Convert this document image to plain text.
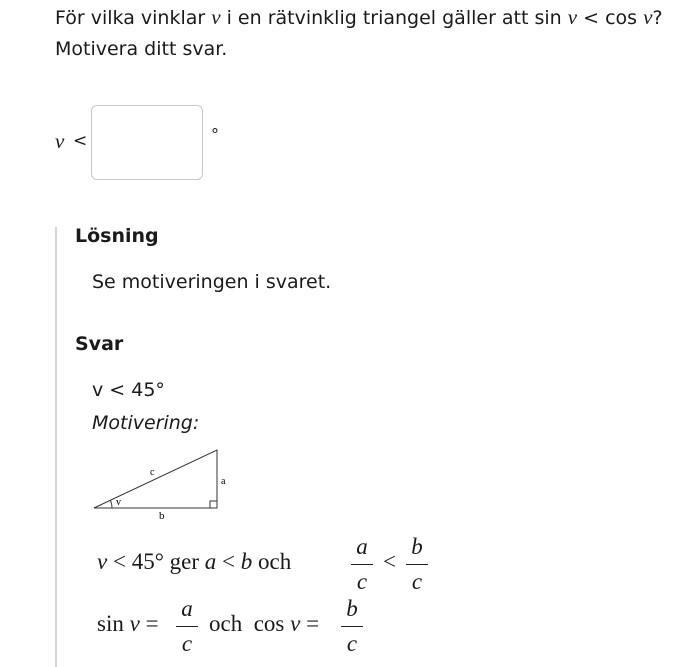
För vilka vinklar v i en rätvinklig triangel gäller att sin v < cos v?
Motivera ditt svar.
v <	°
Lösning
Se motiveringen i svaret.
Svar
v < 45°
Motivering:
c
a
b
v
v < 45° ger a < b och
a
c
<
b
c
sin v =
a
c
och cos v =
b
c
